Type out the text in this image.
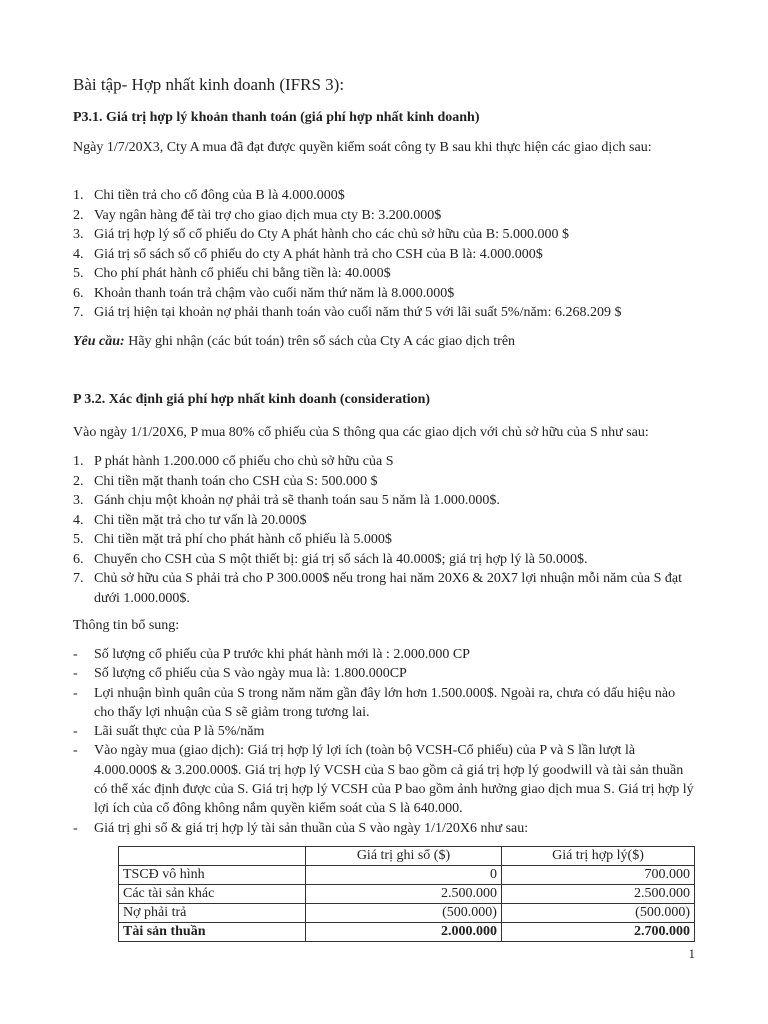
Bài tập- Hợp nhất kinh doanh (IFRS 3):
P3.1. Giá trị hợp lý khoản thanh toán (giá phí hợp nhất kinh doanh)
Ngày 1/7/20X3, Cty A mua đã đạt được quyền kiểm soát công ty B sau khi thực hiện các giao dịch sau:
1. Chi tiền trả cho cổ đông của B là 4.000.000$
2. Vay ngân hàng để tài trợ cho giao dịch mua cty B: 3.200.000$
3. Giá trị hợp lý số cổ phiếu do Cty A phát hành cho các chủ sở hữu của B: 5.000.000 $
4. Giá trị sổ sách số cổ phiếu do cty A phát hành trả cho CSH của B là: 4.000.000$
5. Cho phí phát hành cổ phiếu chi bằng tiền là: 40.000$
6. Khoản thanh toán trả chậm vào cuối năm thứ năm là 8.000.000$
7. Giá trị hiện tại khoản nợ phải thanh toán vào cuối năm thứ 5 với lãi suất 5%/năm: 6.268.209 $
Yêu cầu: Hãy ghi nhận (các bút toán) trên sổ sách của Cty A các giao dịch trên
P 3.2. Xác định giá phí hợp nhất kinh doanh (consideration)
Vào ngày 1/1/20X6, P mua 80% cổ phiếu của S thông qua các giao dịch với chủ sở hữu của S như sau:
1. P phát hành 1.200.000 cổ phiếu cho chủ sở hữu của S
2. Chi tiền mặt thanh toán cho CSH của S: 500.000 $
3. Gánh chịu một khoản nợ phải trả sẽ thanh toán sau 5 năm là 1.000.000$.
4. Chi tiền mặt trả cho tư vấn là 20.000$
5. Chi tiền mặt trả phí cho phát hành cổ phiếu là 5.000$
6. Chuyển cho CSH của S một thiết bị: giá trị sổ sách là 40.000$; giá trị hợp lý là 50.000$.
7. Chủ sở hữu của S phải trả cho P 300.000$ nếu trong hai năm 20X6 & 20X7 lợi nhuận mỗi năm của S đạt dưới 1.000.000$.
Thông tin bổ sung:
- Số lượng cổ phiếu của P trước khi phát hành mới là : 2.000.000 CP
- Số lượng cổ phiếu của S vào ngày mua là: 1.800.000CP
- Lợi nhuận bình quân của S trong năm năm gần đây lớn hơn 1.500.000$. Ngoài ra, chưa có dấu hiệu nào cho thấy lợi nhuận của S sẽ giảm trong tương lai.
- Lãi suất thực của P là 5%/năm
- Vào ngày mua (giao dịch): Giá trị hợp lý lợi ích (toàn bộ VCSH-Cổ phiếu) của P và S lần lượt là 4.000.000$ & 3.200.000$. Giá trị hợp lý VCSH của S bao gồm cả giá trị hợp lý goodwill và tài sản thuần có thể xác định được của S. Giá trị hợp lý VCSH của P bao gồm ảnh hưởng giao dịch mua S. Giá trị hợp lý lợi ích của cổ đông không nắm quyền kiểm soát của S là 640.000.
- Giá trị ghi sổ & giá trị hợp lý tài sản thuần của S vào ngày 1/1/20X6 như sau:
	Giá trị ghi sổ ($)	Giá trị hợp lý($)
TSCĐ vô hình	0	700.000
Các tài sản khác	2.500.000	2.500.000
Nợ phải trả	(500.000)	(500.000)
Tài sản thuần	2.000.000	2.700.000
1
